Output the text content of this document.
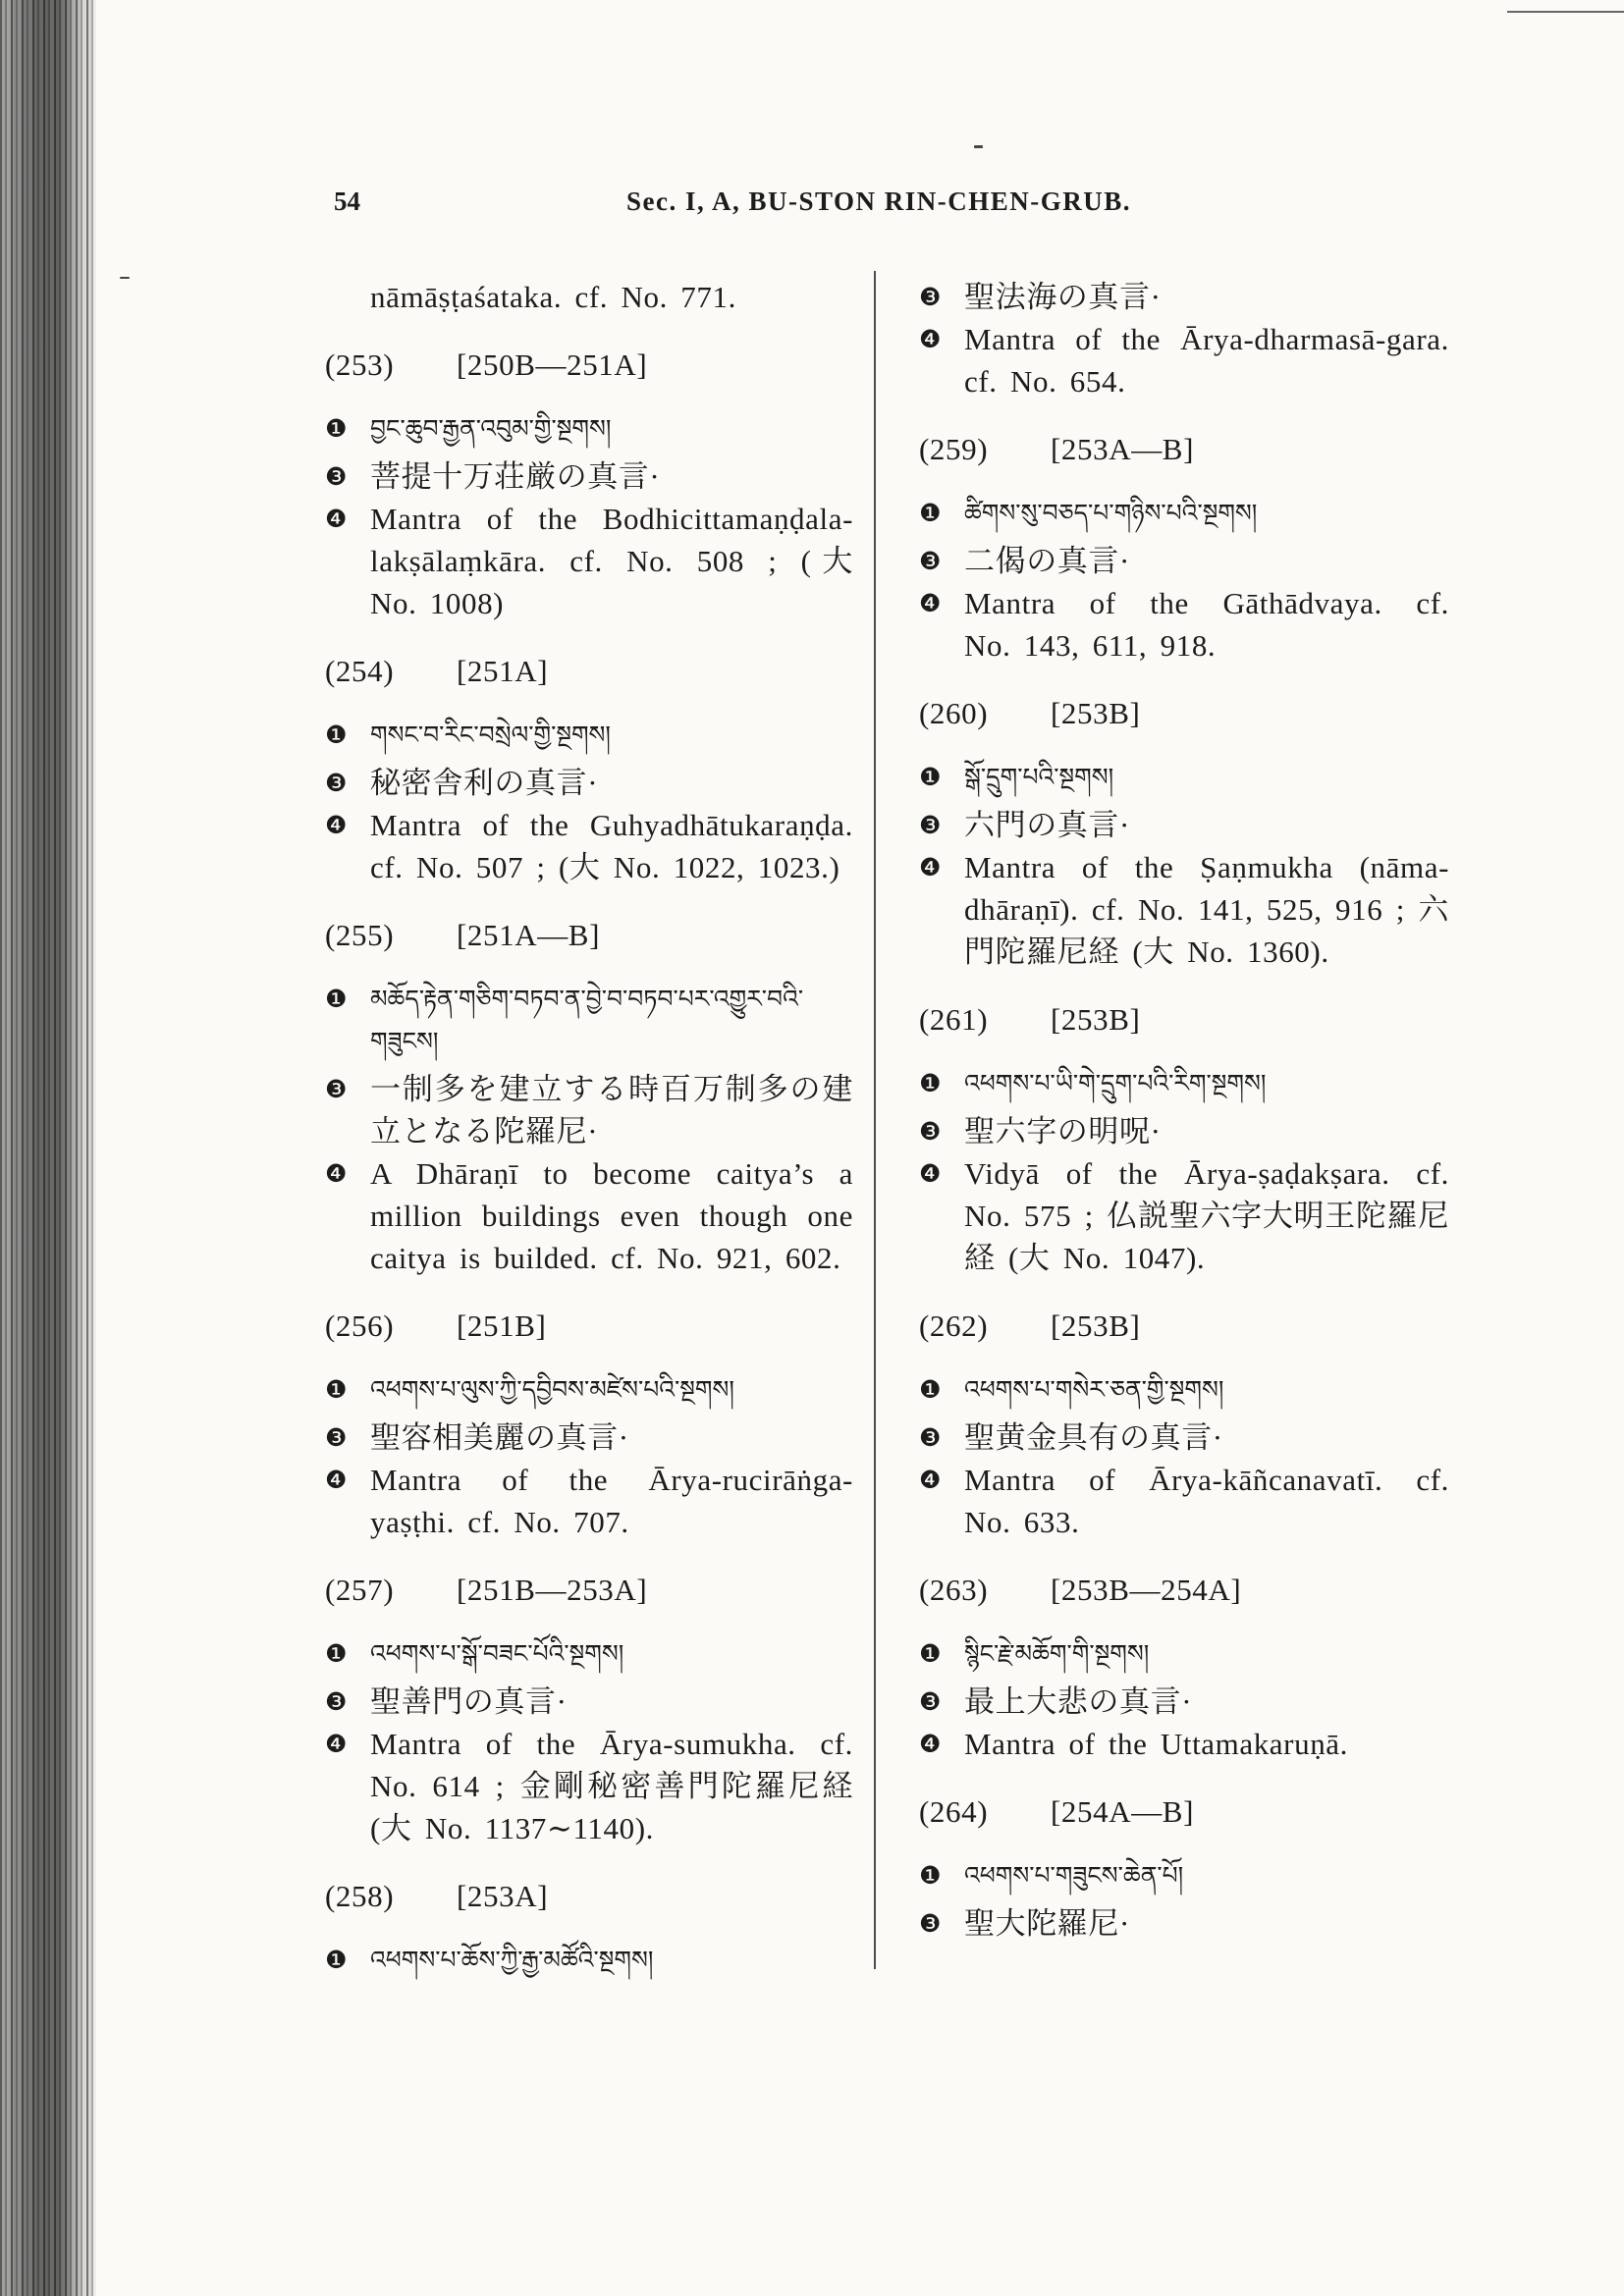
54	Sec. I, A, BU-STON RIN-CHEN-GRUB.
nāmāṣṭaśataka. cf. No. 771.
(253) [250B—251A]
❶ བྱང་ཆུབ་རྒྱན་འབུམ་གྱི་སྔགས།
❸ 菩提十万荘厳の真言·
❹ Mantra of the Bodhicittamaṇḍala-lakṣālaṃkāra. cf. No. 508 ; (大 No. 1008)
(254) [251A]
❶ གསང་བ་རིང་བསྲེལ་གྱི་སྔགས།
❸ 秘密舎利の真言·
❹ Mantra of the Guhyadhātukaraṇḍa. cf. No. 507 ; (大 No. 1022, 1023.)
(255) [251A—B]
❶ མཆོད་རྟེན་གཅིག་བཏབ་ན་བྱེ་བ་བཏབ་པར་འགྱུར་བའི་གཟུངས།
❸ 一制多を建立する時百万制多の建立となる陀羅尼·
❹ A Dhāraṇī to become caitya’s a million buildings even though one caitya is builded. cf. No. 921, 602.
(256) [251B]
❶ འཕགས་པ་ལུས་ཀྱི་དབྱིབས་མཛེས་པའི་སྔགས།
❸ 聖容相美麗の真言·
❹ Mantra of the Ārya-rucirāṅga-yaṣṭhi. cf. No. 707.
(257) [251B—253A]
❶ འཕགས་པ་སྒོ་བཟང་པོའི་སྔགས།
❸ 聖善門の真言·
❹ Mantra of the Ārya-sumukha. cf. No. 614 ; 金剛秘密善門陀羅尼経 (大 No. 1137∼1140).
(258) [253A]
❶ འཕགས་པ་ཆོས་ཀྱི་རྒྱ་མཚོའི་སྔགས།
❸ 聖法海の真言·
❹ Mantra of the Ārya-dharmasā-gara. cf. No. 654.
(259) [253A—B]
❶ ཚིགས་སུ་བཅད་པ་གཉིས་པའི་སྔགས།
❸ 二偈の真言·
❹ Mantra of the Gāthādvaya. cf. No. 143, 611, 918.
(260) [253B]
❶ སྒོ་དྲུག་པའི་སྔགས།
❸ 六門の真言·
❹ Mantra of the Ṣaṇmukha (nāma-dhāraṇī). cf. No. 141, 525, 916 ; 六門陀羅尼経 (大 No. 1360).
(261) [253B]
❶ འཕགས་པ་ཡི་གེ་དྲུག་པའི་རིག་སྔགས།
❸ 聖六字の明呪·
❹ Vidyā of the Ārya-ṣaḍakṣara. cf. No. 575 ; 仏説聖六字大明王陀羅尼経 (大 No. 1047).
(262) [253B]
❶ འཕགས་པ་གསེར་ཅན་གྱི་སྔགས།
❸ 聖黄金具有の真言·
❹ Mantra of Ārya-kāñcanavatī. cf. No. 633.
(263) [253B—254A]
❶ སྙིང་རྗེ་མཆོག་གི་སྔགས།
❸ 最上大悲の真言·
❹ Mantra of the Uttamakaruṇā.
(264) [254A—B]
❶ འཕགས་པ་གཟུངས་ཆེན་པོ།
❸ 聖大陀羅尼·
